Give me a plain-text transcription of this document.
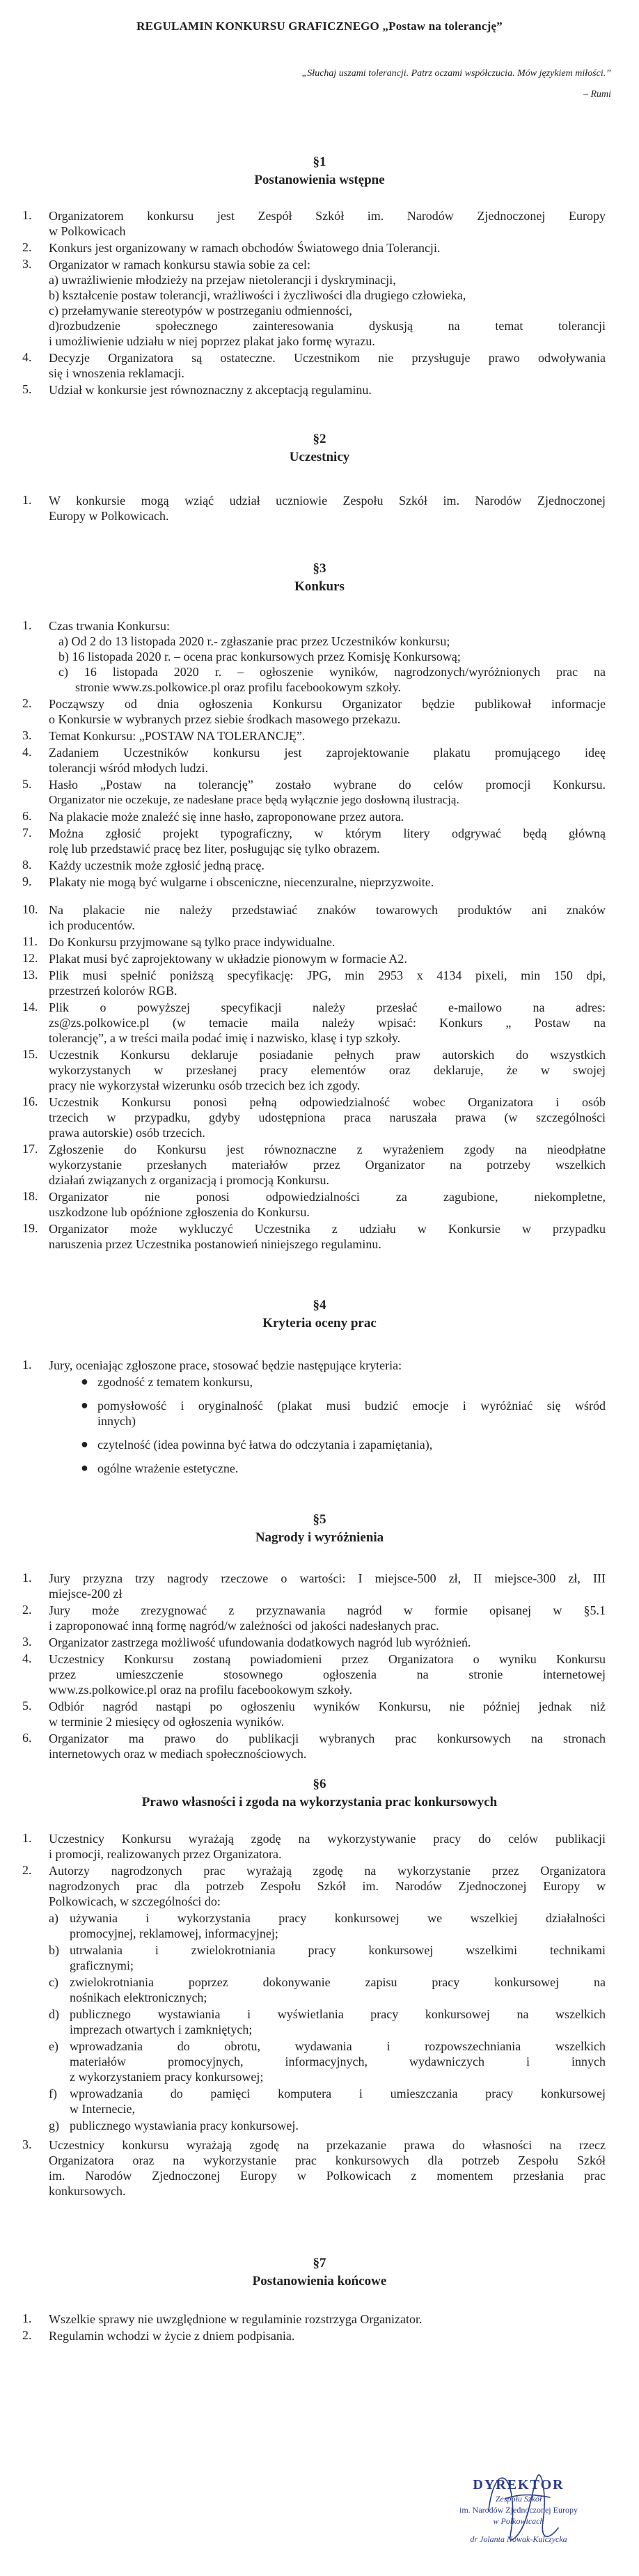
REGULAMIN KONKURSU GRAFICZNEGO „Postaw na tolerancję”
„Słuchaj uszami tolerancji. Patrz oczami współczucia. Mów językiem miłości.”
– Rumi
§1
Postanowienia wstępne
1. Organizatorem konkursu jest Zespół Szkół im. Narodów Zjednoczonej Europy
w Polkowicach
2. Konkurs jest organizowany w ramach obchodów Światowego dnia Tolerancji.
3. Organizator w ramach konkursu stawia sobie za cel:
a) uwrażliwienie młodzieży na przejaw nietolerancji i dyskryminacji,
b) kształcenie postaw tolerancji, wrażliwości i życzliwości dla drugiego człowieka,
c) przełamywanie stereotypów w postrzeganiu odmienności,
d)rozbudzenie społecznego zainteresowania dyskusją na temat tolerancji
i umożliwienie udziału w niej poprzez plakat jako formę wyrazu.
4. Decyzje Organizatora są ostateczne. Uczestnikom nie przysługuje prawo odwoływania
się i wnoszenia reklamacji.
5. Udział w konkursie jest równoznaczny z akceptacją regulaminu.
§2
Uczestnicy
1. W konkursie mogą wziąć udział uczniowie Zespołu Szkół im. Narodów Zjednoczonej
Europy w Polkowicach.
§3
Konkurs
1. Czas trwania Konkursu:
a) Od 2 do 13 listopada 2020 r.- zgłaszanie prac przez Uczestników konkursu;
b) 16 listopada 2020 r. – ocena prac konkursowych przez Komisję Konkursową;
c) 16 listopada 2020 r. – ogłoszenie wyników, nagrodzonych/wyróżnionych prac na
stronie www.zs.polkowice.pl oraz profilu facebookowym szkoły.
2. Począwszy od dnia ogłoszenia Konkursu Organizator będzie publikował informacje
o Konkursie w wybranych przez siebie środkach masowego przekazu.
3. Temat Konkursu: „POSTAW NA TOLERANCJĘ”.
4. Zadaniem Uczestników konkursu jest zaprojektowanie plakatu promującego ideę
tolerancji wśród młodych ludzi.
5. Hasło „Postaw na tolerancję” zostało wybrane do celów promocji Konkursu.
Organizator nie oczekuje, ze nadesłane prace będą wyłącznie jego dosłowną ilustracją.
6. Na plakacie może znaleźć się inne hasło, zaproponowane przez autora.
7. Można zgłosić projekt typograficzny, w którym litery odgrywać będą główną
rolę lub przedstawić pracę bez liter, posługując się tylko obrazem.
8. Każdy uczestnik może zgłosić jedną pracę.
9. Plakaty nie mogą być wulgarne i obsceniczne, niecenzuralne, nieprzyzwoite.
10. Na plakacie nie należy przedstawiać znaków towarowych produktów ani znaków
ich producentów.
11. Do Konkursu przyjmowane są tylko prace indywidualne.
12. Plakat musi być zaprojektowany w układzie pionowym w formacie A2.
13. Plik musi spełnić poniższą specyfikację: JPG, min 2953 x 4134 pixeli, min 150 dpi,
przestrzeń kolorów RGB.
14. Plik o powyższej specyfikacji należy przesłać e-mailowo na adres:
zs@zs.polkowice.pl (w temacie maila należy wpisać: Konkurs „ Postaw na
tolerancję”, a w treści maila podać imię i nazwisko, klasę i typ szkoły.
15. Uczestnik Konkursu deklaruje posiadanie pełnych praw autorskich do wszystkich
wykorzystanych w przesłanej pracy elementów oraz deklaruje, że w swojej
pracy nie wykorzystał wizerunku osób trzecich bez ich zgody.
16. Uczestnik Konkursu ponosi pełną odpowiedzialność wobec Organizatora i osób
trzecich w przypadku, gdyby udostępniona praca naruszała prawa (w szczególności
prawa autorskie) osób trzecich.
17. Zgłoszenie do Konkursu jest równoznaczne z wyrażeniem zgody na nieodpłatne
wykorzystanie przesłanych materiałów przez Organizator na potrzeby wszelkich
działań związanych z organizacją i promocją Konkursu.
18. Organizator nie ponosi odpowiedzialności za zagubione, niekompletne,
uszkodzone lub opóźnione zgłoszenia do Konkursu.
19. Organizator może wykluczyć Uczestnika z udziału w Konkursie w przypadku
naruszenia przez Uczestnika postanowień niniejszego regulaminu.
§4
Kryteria oceny prac
1. Jury, oceniając zgłoszone prace, stosować będzie następujące kryteria:
● zgodność z tematem konkursu,
● pomysłowość i oryginalność (plakat musi budzić emocje i wyróżniać się wśród
innych)
● czytelność (idea powinna być łatwa do odczytania i zapamiętania),
● ogólne wrażenie estetyczne.
§5
Nagrody i wyróżnienia
1. Jury przyzna trzy nagrody rzeczowe o wartości: I miejsce-500 zł, II miejsce-300 zł, III
miejsce-200 zł
2. Jury może zrezygnować z przyznawania nagród w formie opisanej w §5.1
i zaproponować inną formę nagród/w zależności od jakości nadesłanych prac.
3. Organizator zastrzega możliwość ufundowania dodatkowych nagród lub wyróżnień.
4. Uczestnicy Konkursu zostaną powiadomieni przez Organizatora o wyniku Konkursu
przez umieszczenie stosownego ogłoszenia na stronie internetowej
www.zs.polkowice.pl oraz na profilu facebookowym szkoły.
5. Odbiór nagród nastąpi po ogłoszeniu wyników Konkursu, nie później jednak niż
w terminie 2 miesięcy od ogłoszenia wyników.
6. Organizator ma prawo do publikacji wybranych prac konkursowych na stronach
internetowych oraz w mediach społecznościowych.
§6
Prawo własności i zgoda na wykorzystania prac konkursowych
1. Uczestnicy Konkursu wyrażają zgodę na wykorzystywanie pracy do celów publikacji
i promocji, realizowanych przez Organizatora.
2. Autorzy nagrodzonych prac wyrażają zgodę na wykorzystanie przez Organizatora
nagrodzonych prac dla potrzeb Zespołu Szkół im. Narodów Zjednoczonej Europy w
Polkowicach, w szczególności do:
a) używania i wykorzystania pracy konkursowej we wszelkiej działalności
promocyjnej, reklamowej, informacyjnej;
b) utrwalania i zwielokrotniania pracy konkursowej wszelkimi technikami
graficznymi;
c) zwielokrotniania poprzez dokonywanie zapisu pracy konkursowej na
nośnikach elektronicznych;
d) publicznego wystawiania i wyświetlania pracy konkursowej na wszelkich
imprezach otwartych i zamkniętych;
e) wprowadzania do obrotu, wydawania i rozpowszechniania wszelkich
materiałów promocyjnych, informacyjnych, wydawniczych i innych
z wykorzystaniem pracy konkursowej;
f) wprowadzania do pamięci komputera i umieszczania pracy konkursowej
w Internecie,
g) publicznego wystawiania pracy konkursowej.
3. Uczestnicy konkursu wyrażają zgodę na przekazanie prawa do własności na rzecz
Organizatora oraz na wykorzystanie prac konkursowych dla potrzeb Zespołu Szkół
im. Narodów Zjednoczonej Europy w Polkowicach z momentem przesłania prac
konkursowych.
§7
Postanowienia końcowe
1. Wszelkie sprawy nie uwzględnione w regulaminie rozstrzyga Organizator.
2. Regulamin wchodzi w życie z dniem podpisania.
DYREKTOR
Zespołu Szkół
im. Narodów Zjednoczonej Europy
w Polkowicach
dr Jolanta Nowak-Kulczycka
